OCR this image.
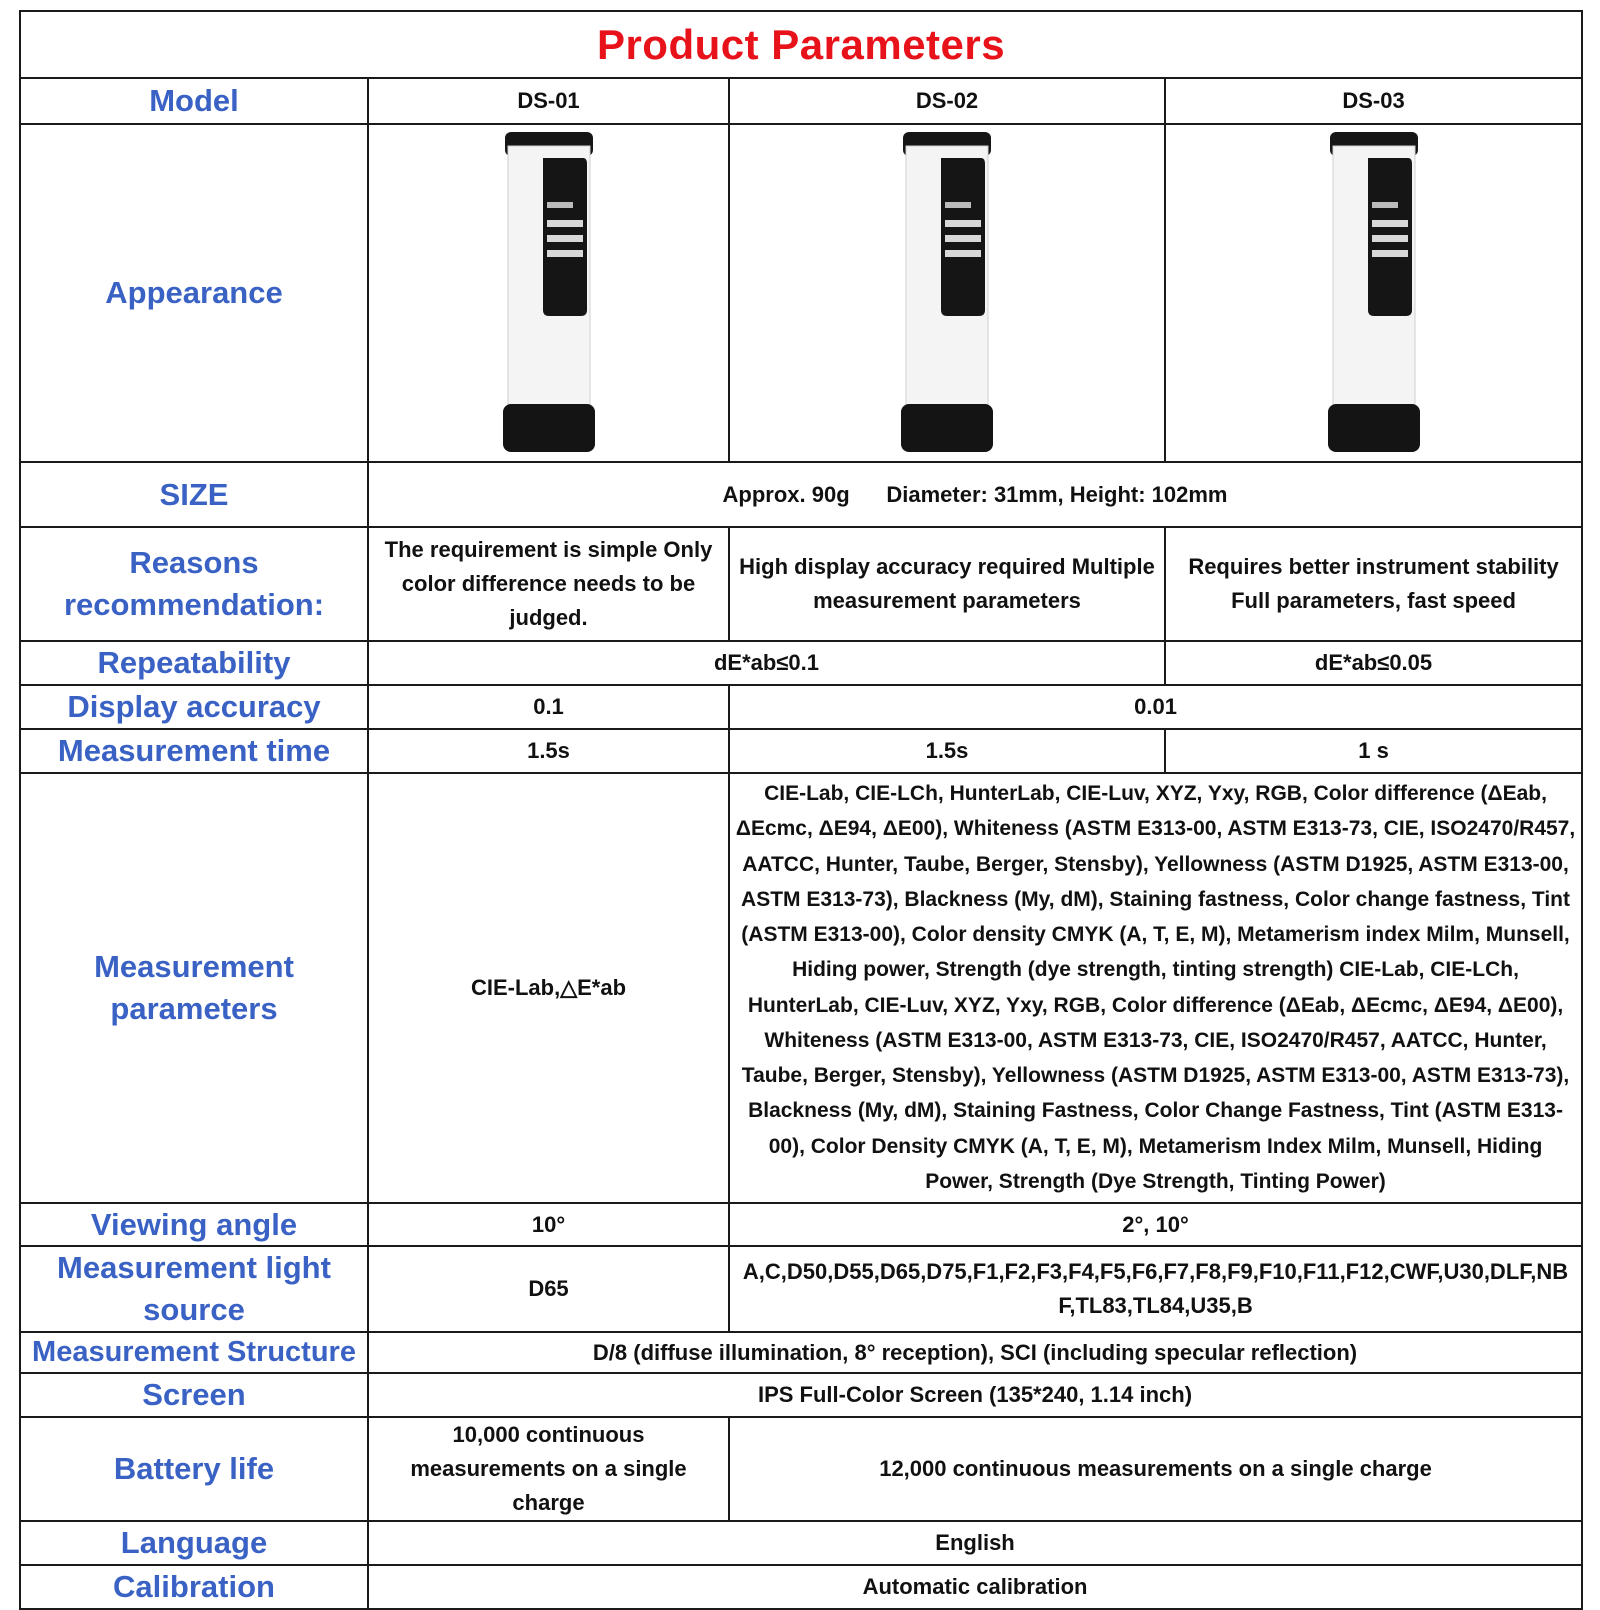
Product Parameters			
Model	DS-01	DS-02	DS-03
Appearance			
SIZE	Approx. 90g      Diameter: 31mm, Height: 102mm		
Reasons recommendation:	The requirement is simple Only color difference needs to be judged.	High display accuracy required Multiple measurement parameters	Requires better instrument stability Full parameters, fast speed
Repeatability	dE*ab≤0.1		dE*ab≤0.05
Display accuracy	0.1	0.01	
Measurement time	1.5s	1.5s	1 s
Measurement parameters	CIE-Lab,△E*ab	CIE-Lab, CIE-LCh, HunterLab, CIE-Luv, XYZ, Yxy, RGB, Color difference (ΔEab, ΔEcmc, ΔE94, ΔE00), Whiteness (ASTM E313-00, ASTM E313-73, CIE, ISO2470/R457, AATCC, Hunter, Taube, Berger, Stensby), Yellowness (ASTM D1925, ASTM E313-00, ASTM E313-73), Blackness (My, dM), Staining fastness, Color change fastness, Tint (ASTM E313-00), Color density CMYK (A, T, E, M), Metamerism index Milm, Munsell, Hiding power, Strength (dye strength, tinting strength) CIE-Lab, CIE-LCh, HunterLab, CIE-Luv, XYZ, Yxy, RGB, Color difference (ΔEab, ΔEcmc, ΔE94, ΔE00), Whiteness (ASTM E313-00, ASTM E313-73, CIE, ISO2470/R457, AATCC, Hunter, Taube, Berger, Stensby), Yellowness (ASTM D1925, ASTM E313-00, ASTM E313-73), Blackness (My, dM), Staining Fastness, Color Change Fastness, Tint (ASTM E313-00), Color Density CMYK (A, T, E, M), Metamerism Index Milm, Munsell, Hiding Power, Strength (Dye Strength, Tinting Power)	
Viewing angle	10°	2°, 10°	
Measurement light source	D65	A,C,D50,D55,D65,D75,F1,F2,F3,F4,F5,F6,F7,F8,F9,F10,F11,F12,CWF,U30,DLF,NBF,TL83,TL84,U35,B	
Measurement Structure	D/8 (diffuse illumination, 8° reception), SCI (including specular reflection)		
Screen	IPS Full-Color Screen (135*240, 1.14 inch)		
Battery life	10,000 continuous measurements on a single charge	12,000 continuous measurements on a single charge	
Language	English		
Calibration	Automatic calibration		
